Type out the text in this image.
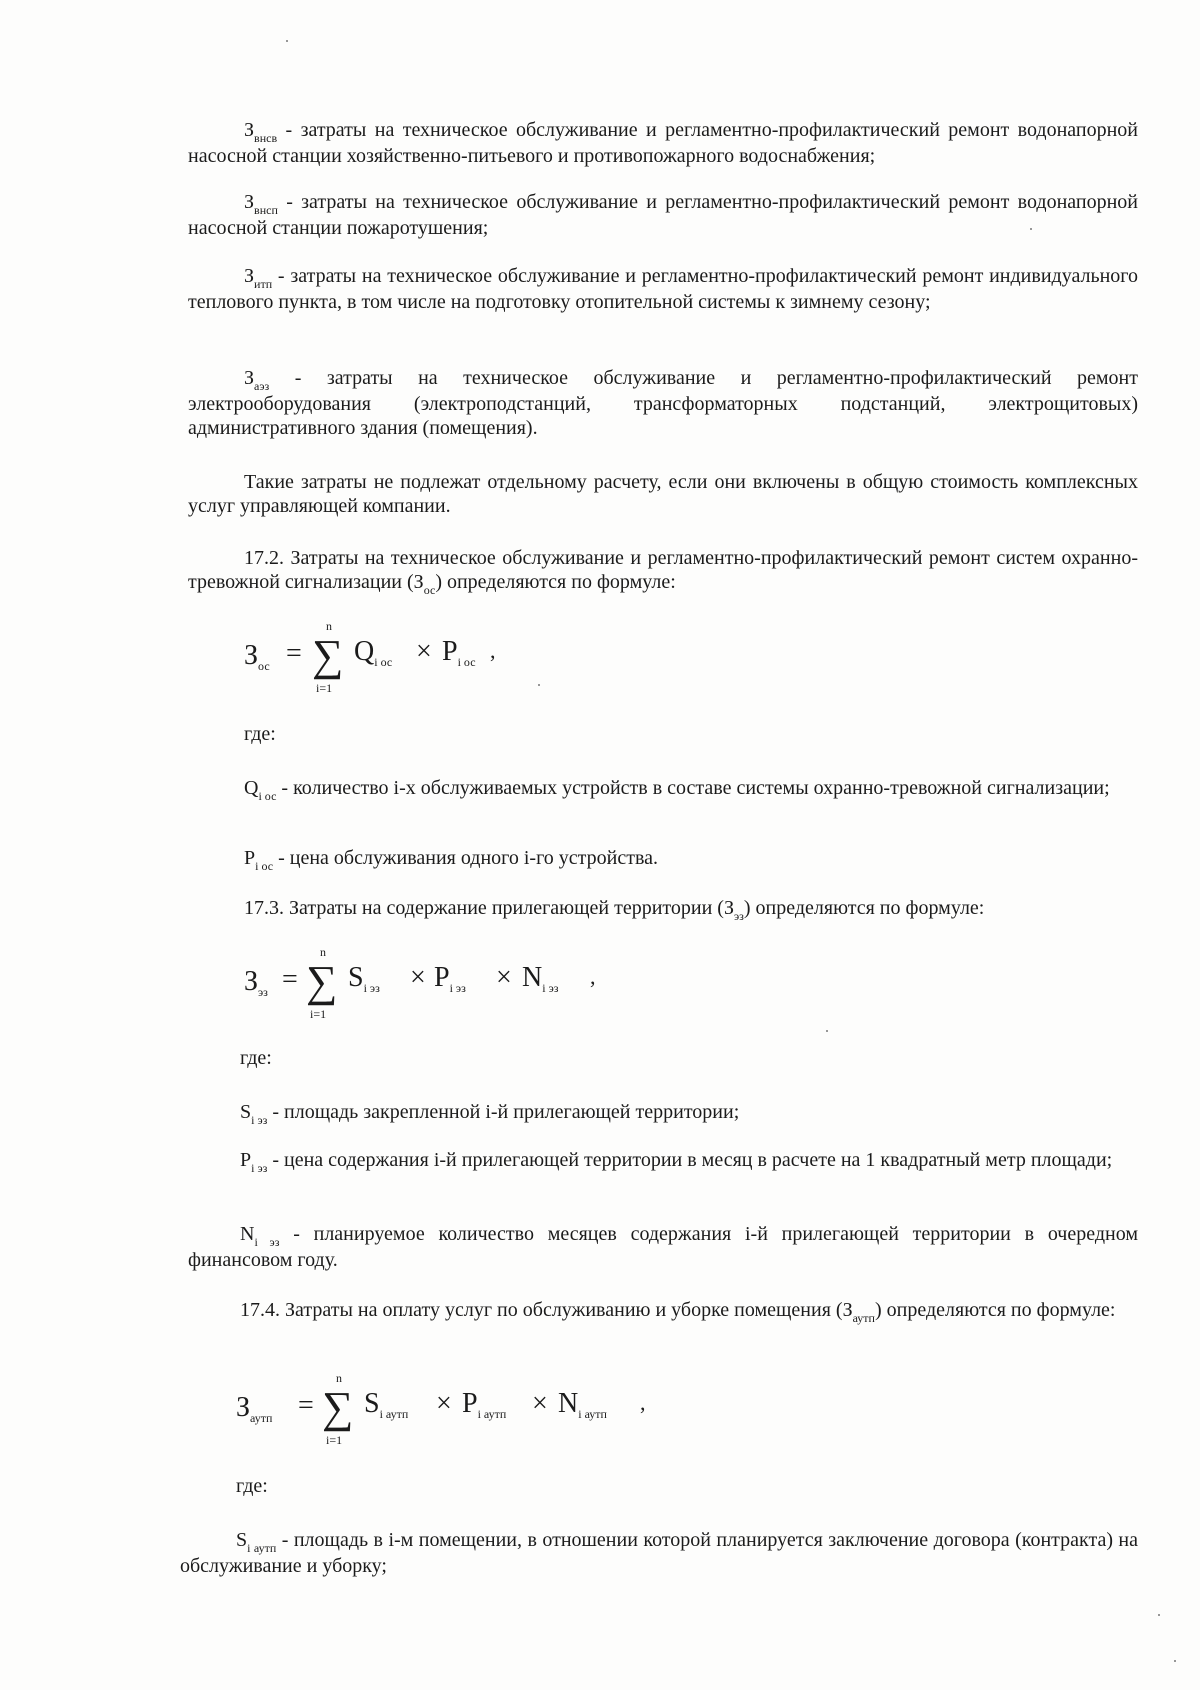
$З_{внсв}$ - затраты на техническое обслуживание и регламентно-профилактический ремонт водонапорной насосной станции хозяйственно-питьевого и противопожарного водоснабжения;
$З_{внсп}$ - затраты на техническое обслуживание и регламентно-профилактический ремонт водонапорной насосной станции пожаротушения;
$З_{итп}$ - затраты на техническое обслуживание и регламентно-профилактический ремонт индивидуального теплового пункта, в том числе на подготовку отопительной системы к зимнему сезону;
$З_{аэз}$ - затраты на техническое обслуживание и регламентно-профилактический ремонт электрооборудования (электроподстанций, трансформаторных подстанций, электрощитовых) административного здания (помещения).
Такие затраты не подлежат отдельному расчету, если они включены в общую стоимость комплексных услуг управляющей компании.
17.2. Затраты на техническое обслуживание и регламентно-профилактический ремонт систем охранно-тревожной сигнализации $(З_{ос})$ определяются по формуле:
$З_{ос}$ = ∑
n
i=1
$Q_{i ос} \times P_{i ос}$ ,
где:
$Q_{i ос}$ - количество i-х обслуживаемых устройств в составе системы охранно-тревожной сигнализации;
$P_{i ос}$ - цена обслуживания одного i-го устройства.
17.3. Затраты на содержание прилегающей территории $(З_{эз})$ определяются по формуле:
$З_{эз}$ = ∑
n
i=1
$S_{i эз} \times P_{i эз} \times N_{i эз}$ ,
где:
$S_{i эз}$ - площадь закрепленной i-й прилегающей территории;
$P_{i эз}$ - цена содержания i-й прилегающей территории в месяц в расчете на 1 квадратный метр площади;
$N_{i эз}$ - планируемое количество месяцев содержания i-й прилегающей территории в очередном финансовом году.
17.4. Затраты на оплату услуг по обслуживанию и уборке помещения $(З_{аутп})$ определяются по формуле:
$З_{аутп}$ = ∑
n
i=1
$S_{i аутп} \times P_{i аутп} \times N_{i аутп}$ ,
где:
$S_{i аутп}$ - площадь в i-м помещении, в отношении которой планируется заключение договора (контракта) на обслуживание и уборку;
